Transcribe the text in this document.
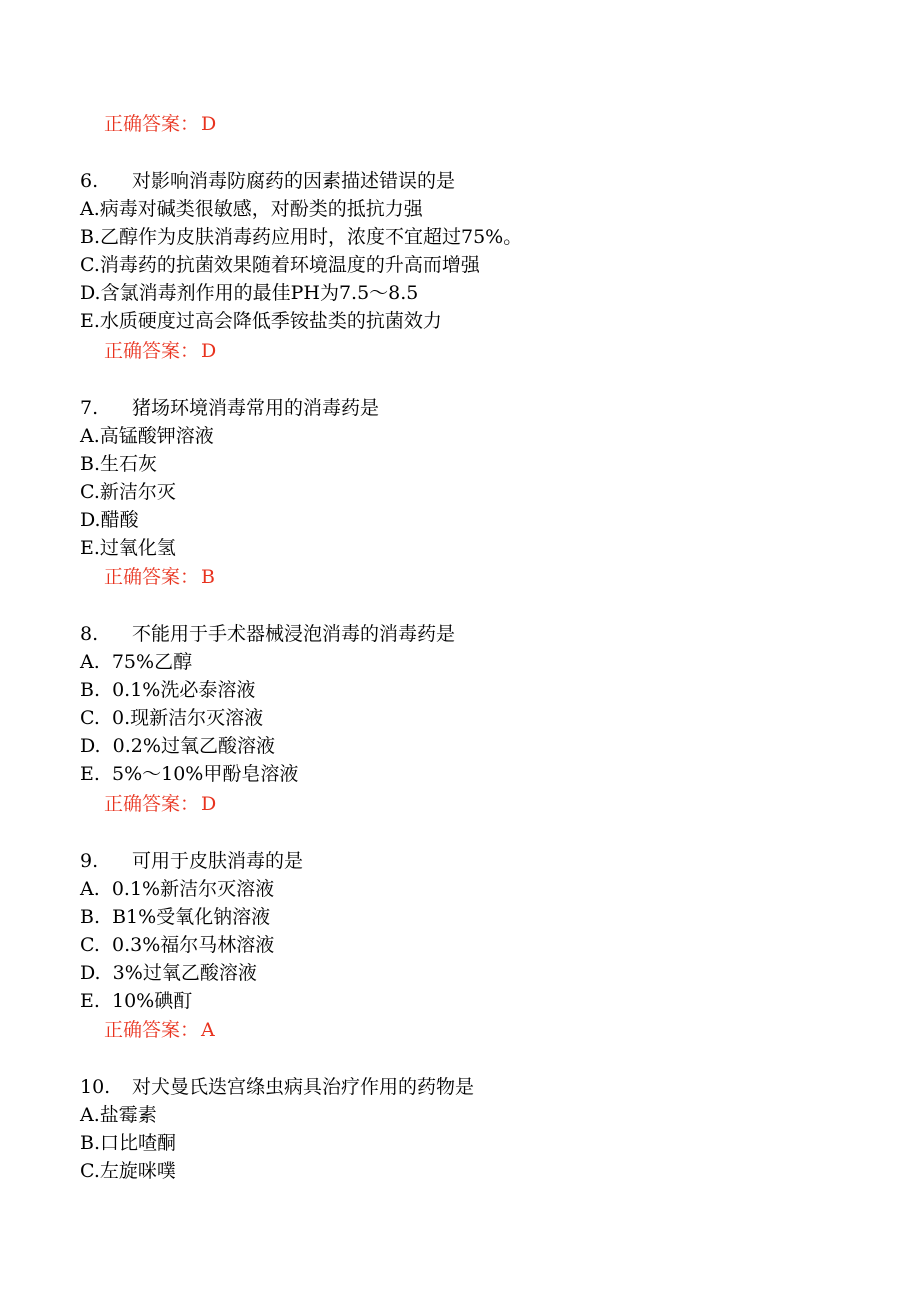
正确答案： D
6. 对影响消毒防腐药的因素描述错误的是
A.病毒对碱类很敏感，对酚类的抵抗力强
B.乙醇作为皮肤消毒药应用时，浓度不宜超过75%。
C.消毒药的抗菌效果随着环境温度的升高而增强
D.含氯消毒剂作用的最佳PH为7.5～8.5
E.水质硬度过高会降低季铵盐类的抗菌效力
正确答案： D
7. 猪场环境消毒常用的消毒药是
A.高锰酸钾溶液
B.生石灰
C.新洁尔灭
D.醋酸
E.过氧化氢
正确答案： B
8. 不能用于手术器械浸泡消毒的消毒药是
A.  75%乙醇
B.  0.1%洗必泰溶液
C.  0.现新洁尔灭溶液
D.  0.2%过氧乙酸溶液
E.  5%～10%甲酚皂溶液
正确答案： D
9. 可用于皮肤消毒的是
A.  0.1%新洁尔灭溶液
B.  B1%受氧化钠溶液
C.  0.3%福尔马林溶液
D.  3%过氧乙酸溶液
E.  10%碘酊
正确答案： A
10. 对犬曼氏迭宫绦虫病具治疗作用的药物是
A.盐霉素
B.口比喳酮
C.左旋咪噗
